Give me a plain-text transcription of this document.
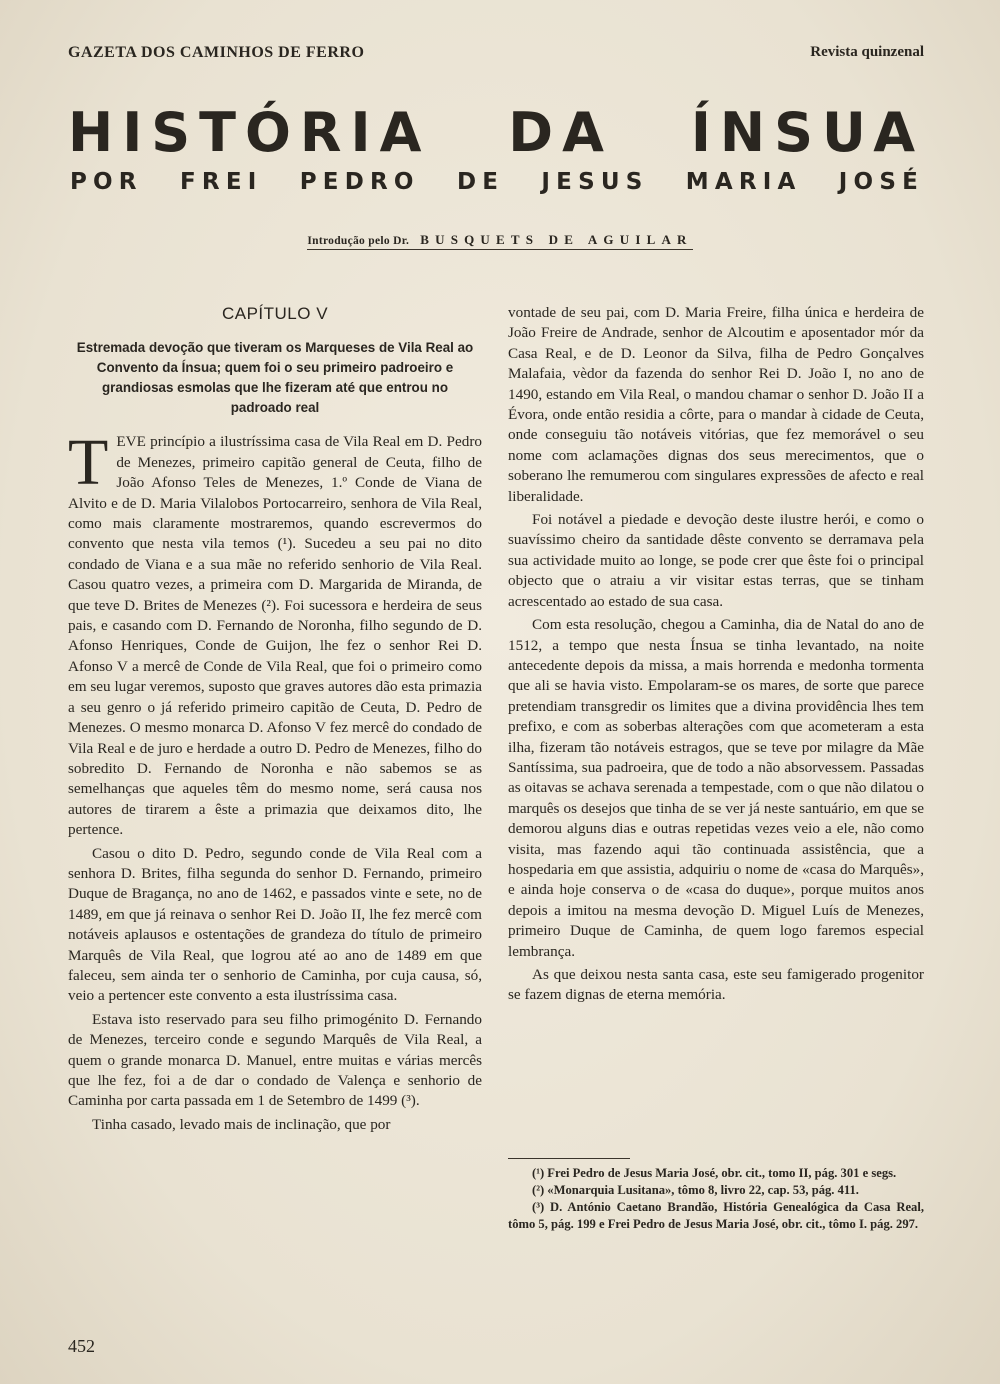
GAZETA DOS CAMINHOS DE FERRO	Revista quinzenal
HISTÓRIA DA ÍNSUA
POR FREI PEDRO DE JESUS MARIA JOSÉ
Introdução pelo Dr. BUSQUETS DE AGUILAR
CAPÍTULO V
Estremada devoção que tiveram os Marqueses de Vila Real ao Convento da Ínsua; quem foi o seu primeiro padroeiro e grandiosas esmolas que lhe fizeram até que entrou no padroado real

TEVE princípio a ilustríssima casa de Vila Real em D. Pedro de Menezes, primeiro capitão general de Ceuta, filho de João Afonso Teles de Menezes, 1.º Conde de Viana de Alvito e de D. Maria Vilalobos Portocarreiro, senhora de Vila Real, como mais claramente mostraremos, quando escrevermos do convento que nesta vila temos (¹). Sucedeu a seu pai no dito condado de Viana e a sua mãe no referido senhorio de Vila Real. Casou quatro vezes, a primeira com D. Margarida de Miranda, de que teve D. Brites de Menezes (²). Foi sucessora e herdeira de seus pais, e casando com D. Fernando de Noronha, filho segundo de D. Afonso Henriques, Conde de Guijon, lhe fez o senhor Rei D. Afonso V a mercê de Conde de Vila Real, que foi o primeiro como em seu lugar veremos, suposto que graves autores dão esta primazia a seu genro o já referido primeiro capitão de Ceuta, D. Pedro de Menezes. O mesmo monarca D. Afonso V fez mercê do condado de Vila Real e de juro e herdade a outro D. Pedro de Menezes, filho do sobredito D. Fernando de Noronha e não sabemos se as semelhanças que aqueles têm do mesmo nome, será causa nos autores de tirarem a êste a primazia que deixamos dito, lhe pertence.

Casou o dito D. Pedro, segundo conde de Vila Real com a senhora D. Brites, filha segunda do senhor D. Fernando, primeiro Duque de Bragança, no ano de 1462, e passados vinte e sete, no de 1489, em que já reinava o senhor Rei D. João II, lhe fez mercê com notáveis aplausos e ostentações de grandeza do título de primeiro Marquês de Vila Real, que logrou até ao ano de 1489 em que faleceu, sem ainda ter o senhorio de Caminha, por cuja causa, só, veio a pertencer este convento a esta ilustríssima casa.

Estava isto reservado para seu filho primogénito D. Fernando de Menezes, terceiro conde e segundo Marquês de Vila Real, a quem o grande monarca D. Manuel, entre muitas e várias mercês que lhe fez, foi a de dar o condado de Valença e senhorio de Caminha por carta passada em 1 de Setembro de 1499 (³).

Tinha casado, levado mais de inclinação, que por

vontade de seu pai, com D. Maria Freire, filha única e herdeira de João Freire de Andrade, senhor de Alcoutim e aposentador mór da Casa Real, e de D. Leonor da Silva, filha de Pedro Gonçalves Malafaia, vèdor da fazenda do senhor Rei D. João I, no ano de 1490, estando em Vila Real, o mandou chamar o senhor D. João II a Évora, onde então residia a côrte, para o mandar à cidade de Ceuta, onde conseguiu tão notáveis vitórias, que fez memorável o seu nome com aclamações dignas dos seus merecimentos, que o soberano lhe remumerou com singulares expressões de afecto e real liberalidade.

Foi notável a piedade e devoção deste ilustre herói, e como o suavíssimo cheiro da santidade dêste convento se derramava pela sua actividade muito ao longe, se pode crer que êste foi o principal objecto que o atraiu a vir visitar estas terras, que se tinham acrescentado ao estado de sua casa.

Com esta resolução, chegou a Caminha, dia de Natal do ano de 1512, a tempo que nesta Ínsua se tinha levantado, na noite antecedente depois da missa, a mais horrenda e medonha tormenta que ali se havia visto. Empolaram-se os mares, de sorte que parece pretendiam transgredir os limites que a divina providência lhes tem prefixo, e com as soberbas alterações com que acometeram a esta ilha, fizeram tão notáveis estragos, que se teve por milagre da Mãe Santíssima, sua padroeira, que de todo a não absorvessem. Passadas as oitavas se achava serenada a tempestade, com o que não dilatou o marquês os desejos que tinha de se ver já neste santuário, em que se demorou alguns dias e outras repetidas vezes veio a ele, não como visita, mas fazendo aqui tão continuada assistência, que a hospedaria em que assistia, adquiriu o nome de «casa do Marquês», e ainda hoje conserva o de «casa do duque», porque muitos anos depois a imitou na mesma devoção D. Miguel Luís de Menezes, primeiro Duque de Caminha, de quem logo faremos especial lembrança.

As que deixou nesta santa casa, este seu famigerado progenitor se fazem dignas de eterna memória.

(¹) Frei Pedro de Jesus Maria José, obr. cit., tomo II, pág. 301 e segs.

(²) «Monarquia Lusitana», tômo 8, livro 22, cap. 53, pág. 411.

(³) D. António Caetano Brandão, História Genealógica da Casa Real, tômo 5, pág. 199 e Frei Pedro de Jesus Maria José, obr. cit., tômo I. pág. 297.

452
